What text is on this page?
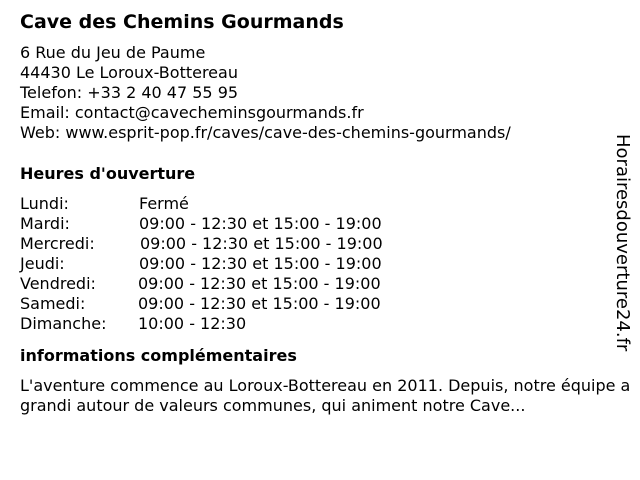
Cave des Chemins Gourmands
6 Rue du Jeu de Paume
44430 Le Loroux-Bottereau
Telefon: +33 2 40 47 55 95
Email: contact@cavecheminsgourmands.fr
Web: www.esprit-pop.fr/caves/cave-des-chemins-gourmands/
Heures d'ouverture
Lundi:	Fermé
Mardi:	09:00 - 12:30 et 15:00 - 19:00
Mercredi:	09:00 - 12:30 et 15:00 - 19:00
Jeudi:	09:00 - 12:30 et 15:00 - 19:00
Vendredi:	09:00 - 12:30 et 15:00 - 19:00
Samedi:	09:00 - 12:30 et 15:00 - 19:00
Dimanche: 10:00 - 12:30
informations complémentaires
L'aventure commence au Loroux-Bottereau en 2011. Depuis, notre équipe a grandi autour de valeurs communes, qui animent notre Cave...
Horairesdouverture24.fr
